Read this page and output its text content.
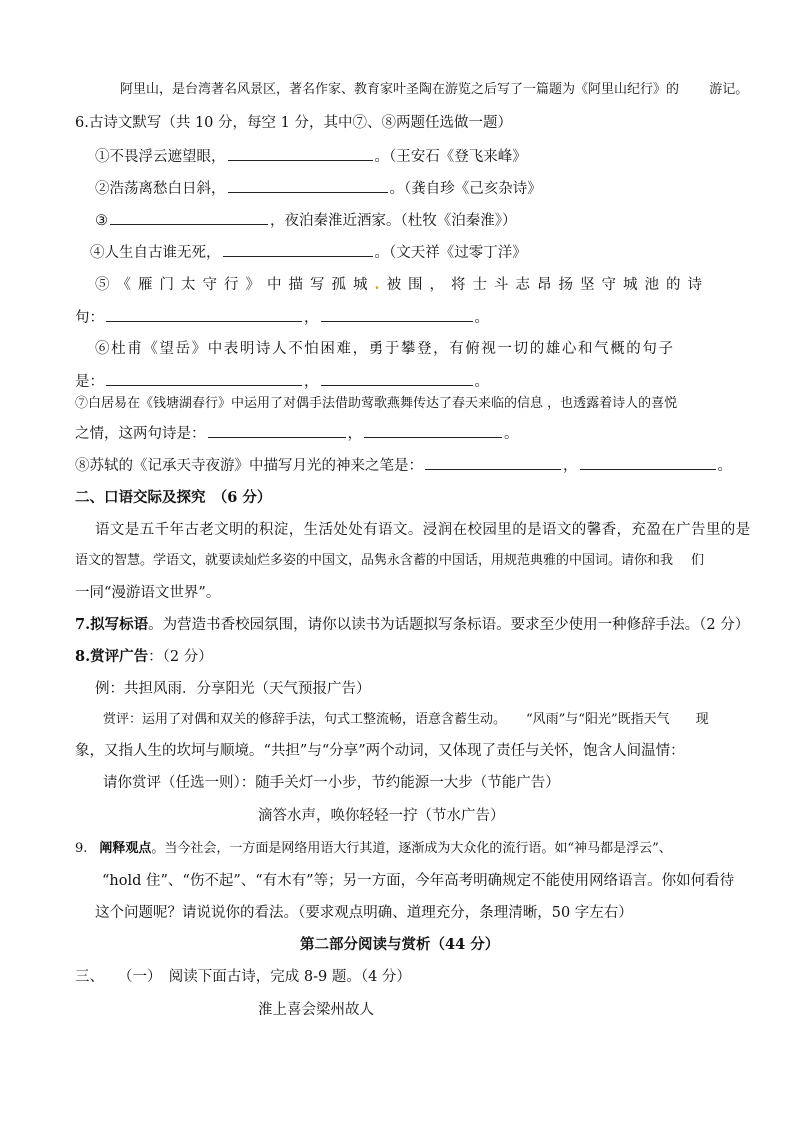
阿里山，是台湾著名风景区，著名作家、教育家叶圣陶在游览之后写了一篇题为《阿里山纪行》的 游记。
6.古诗文默写（共 10 分，每空 1 分，其中⑦、⑧两题任选做一题）
①不畏浮云遮望眼，	。（王安石《登飞来峰》
②浩荡离愁白日斜，	。（龚自珍《己亥杂诗》
③	，夜泊秦淮近酒家。（杜牧《泊秦淮》）
④人生自古谁无死，	。（文天祥《过零丁洋》
⑤《雁门太守行》中描写孤城.被围，将士斗志昂扬坚守城池的诗
句：	，	。
⑥杜甫《望岳》中表明诗人不怕困难，勇于攀登，有俯视一切的雄心和气概的句子
是：	，	。
⑦白居易在《钱塘湖春行》中运用了对偶手法借助莺歌燕舞传达了春天来临的信息 ，也透露着诗人的喜悦
之情，这两句诗是：	，	。
⑧苏轼的《记承天寺夜游》中描写月光的神来之笔是：	，	。
二、口语交际及探究　（6 分）
语文是五千年古老文明的积淀，生活处处有语文。浸润在校园里的是语文的馨香，充盈在广告里的是
语文的智慧。学语文，就要读灿烂多姿的中国文，品隽永含蓄的中国话，用规范典雅的中国词。请你和我 们
一同“漫游语文世界”。
7.拟写标语。为营造书香校园氛围，请你以读书为话题拟写条标语。要求至少使用一种修辞手法。（2 分）
8.赏评广告：（2 分）
例：共担风雨．分享阳光（天气预报广告）
赏评：运用了对偶和双关的修辞手法，句式工整流畅，语意含蓄生动。 “风雨”与“阳光”既指天气 现
象，又指人生的坎坷与顺境。“共担”与“分享”两个动词，又体现了责任与关怀，饱含人间温情：
请你赏评（任选一则）：随手关灯一小步，节约能源一大步（节能广告）
滴答水声，唤你轻轻一拧（节水广告）
9. 阐释观点。当今社会，一方面是网络用语大行其道，逐渐成为大众化的流行语。如“神马都是浮云”、
“hold 住”、“伤不起”、“有木有”等；另一方面，今年高考明确规定不能使用网络语言。你如何看待
这个问题呢？请说说你的看法。（要求观点明确、道理充分，条理清晰，50 字左右）
第二部分阅读与赏析（44 分）
三、 （一）　阅读下面古诗，完成 8-9 题。（4 分）
淮上喜会梁州故人
